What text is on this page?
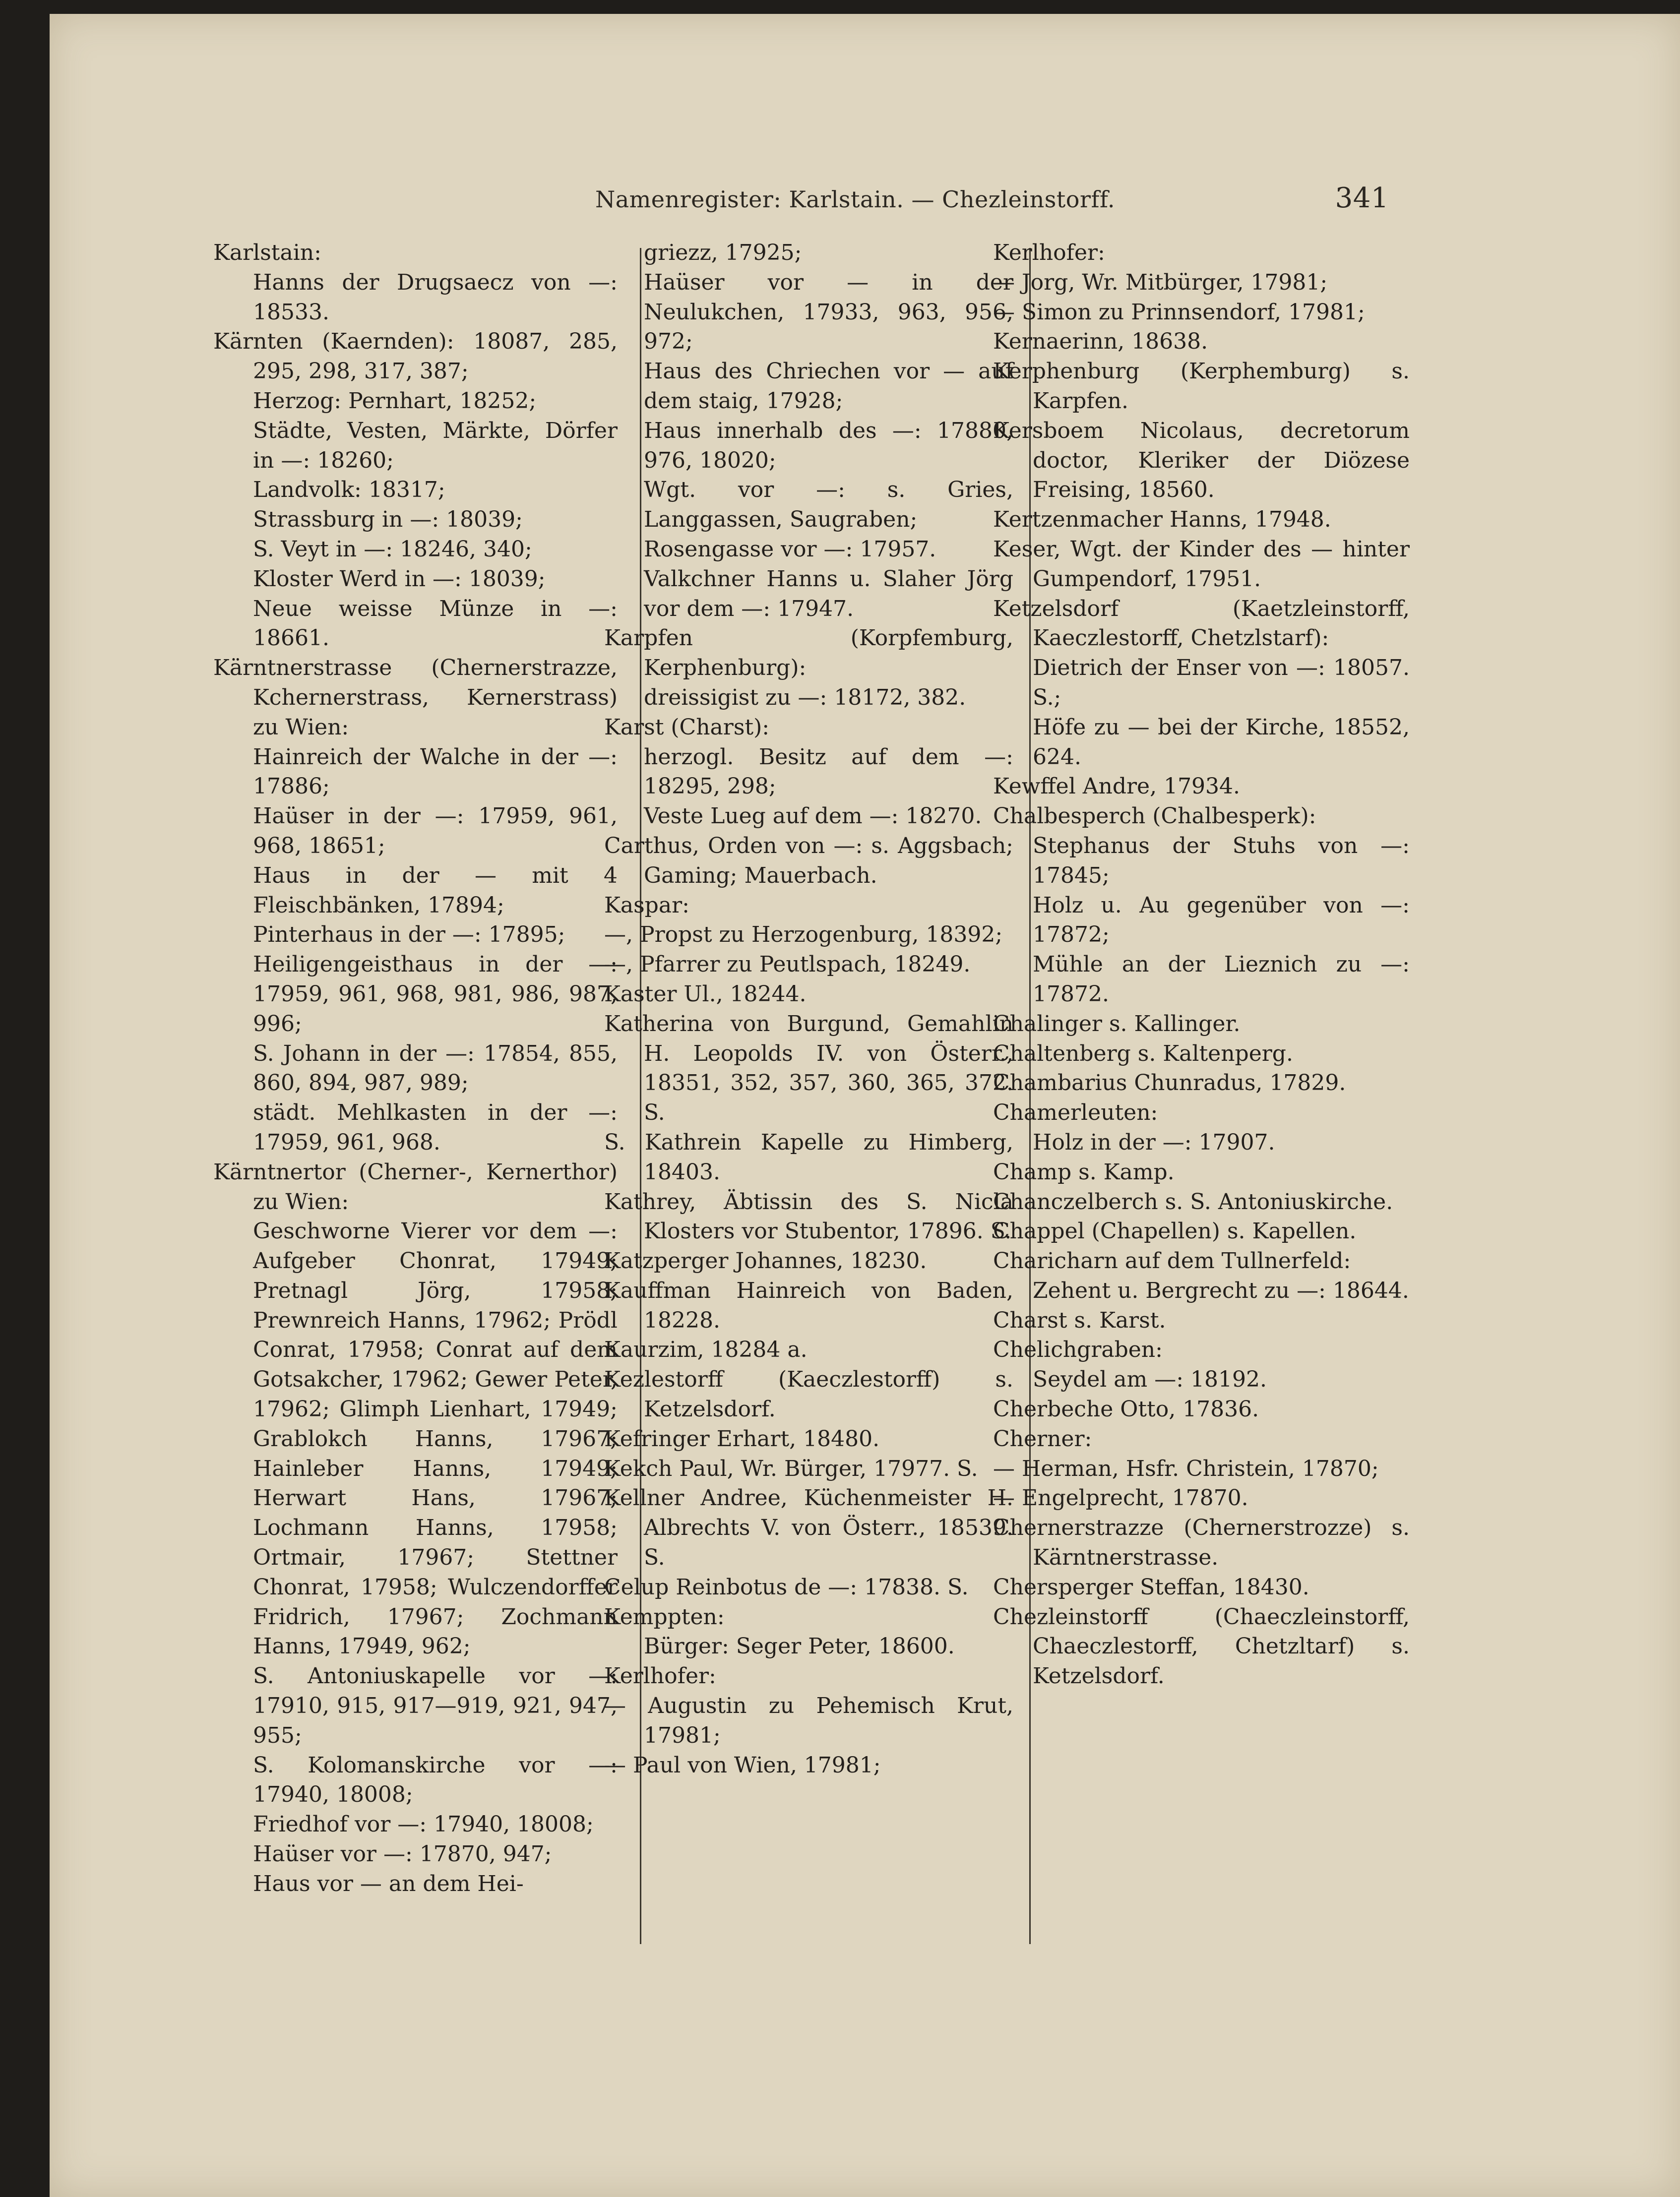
Namenregister: Karlstain. — Chezleinstorff.	341
Karlstain:
Hanns der Drugsaecz von —: 18533.
Kärnten (Kaernden): 18087, 285, 295, 298, 317, 387;
Herzog: Pernhart, 18252;
Städte, Vesten, Märkte, Dörfer in —: 18260;
Landvolk: 18317;
Strassburg in —: 18039;
S. Veyt in —: 18246, 340;
Kloster Werd in —: 18039;
Neue weisse Münze in —: 18661.
Kärntnerstrasse (Chernerstrazze, Kchernerstrass, Kernerstrass) zu Wien:
Hainreich der Walche in der —: 17886;
Haüser in der —: 17959, 961, 968, 18651;
Haus in der — mit 4 Fleischbänken, 17894;
Pinterhaus in der —: 17895;
Heiligengeisthaus in der —: 17959, 961, 968, 981, 986, 987, 996;
S. Johann in der —: 17854, 855, 860, 894, 987, 989;
städt. Mehlkasten in der —: 17959, 961, 968.
Kärntnertor (Cherner-, Kernerthor) zu Wien:
Geschworne Vierer vor dem —: Aufgeber Chonrat, 17949; Pretnagl Jörg, 17958; Prewnreich Hanns, 17962; Prödl Conrat, 17958; Conrat auf dem Gotsakcher, 17962; Gewer Peter, 17962; Glimph Lienhart, 17949; Grablokch Hanns, 17967; Hainleber Hanns, 17949; Herwart Hans, 17967; Lochmann Hanns, 17958; Ortmair, 17967; Stettner Chonrat, 17958; Wulczendorffer Fridrich, 17967; Zochmann Hanns, 17949, 962;
S. Antoniuskapelle vor —: 17910, 915, 917—919, 921, 947, 955;
S. Kolomanskirche vor —: 17940, 18008;
Friedhof vor —: 17940, 18008;
Haüser vor —: 17870, 947;
Haus vor — an dem Hei-
griezz, 17925;
Haüser vor — in der Neulukchen, 17933, 963, 956, 972;
Haus des Chriechen vor — auf dem staig, 17928;
Haus innerhalb des —: 17880, 976, 18020;
Wgt. vor —: s. Gries, Langgassen, Saugraben;
Rosengasse vor —: 17957.
Valkchner Hanns u. Slaher Jörg vor dem —: 17947.
Karpfen (Korpfemburg, Kerphenburg):
dreissigist zu —: 18172, 382.
Karst (Charst):
herzogl. Besitz auf dem —: 18295, 298;
Veste Lueg auf dem —: 18270.
Carthus, Orden von —: s. Aggsbach; Gaming; Mauerbach.
Kaspar:
—, Propst zu Herzogenburg, 18392;
—, Pfarrer zu Peutlspach, 18249.
Kaster Ul., 18244.
Katherina von Burgund, Gemahlin H. Leopolds IV. von Österr., 18351, 352, 357, 360, 365, 372. S.
S. Kathrein Kapelle zu Himberg, 18403.
Kathrey, Äbtissin des S. Nicla Klosters vor Stubentor, 17896. S.
Katzperger Johannes, 18230.
Kauffman Hainreich von Baden, 18228.
Kaurzim, 18284 a.
Kezlestorff (Kaeczlestorff) s. Ketzelsdorf.
Kefringer Erhart, 18480.
Kekch Paul, Wr. Bürger, 17977. S.
Kellner Andree, Küchenmeister H. Albrechts V. von Österr., 18539. S.
Celup Reinbotus de —: 17838. S.
Kemppten:
Bürger: Seger Peter, 18600.
Kerlhofer:
— Augustin zu Pehemisch Krut, 17981;
— Paul von Wien, 17981;
Kerlhofer:
— Jorg, Wr. Mitbürger, 17981;
— Simon zu Prinnsendorf, 17981;
Kernaerinn, 18638.
Kerphenburg (Kerphemburg) s. Karpfen.
Kersboem Nicolaus, decretorum doctor, Kleriker der Diözese Freising, 18560.
Kertzenmacher Hanns, 17948.
Keser, Wgt. der Kinder des — hinter Gumpendorf, 17951.
Ketzelsdorf (Kaetzleinstorff, Kaeczlestorff, Chetzlstarf):
Dietrich der Enser von —: 18057. S.;
Höfe zu — bei der Kirche, 18552, 624.
Kewffel Andre, 17934.
Chalbesperch (Chalbesperk):
Stephanus der Stuhs von —: 17845;
Holz u. Au gegenüber von —: 17872;
Mühle an der Lieznich zu —: 17872.
Chalinger s. Kallinger.
Chaltenberg s. Kaltenperg.
Chambarius Chunradus, 17829.
Chamerleuten:
Holz in der —: 17907.
Champ s. Kamp.
Chanczelberch s. S. Antoniuskirche.
Chappel (Chapellen) s. Kapellen.
Charicharn auf dem Tullnerfeld:
Zehent u. Bergrecht zu —: 18644.
Charst s. Karst.
Chelichgraben:
Seydel am —: 18192.
Cherbeche Otto, 17836.
Cherner:
— Herman, Hsfr. Christein, 17870;
— Engelprecht, 17870.
Chernerstrazze (Chernerstrozze) s. Kärntnerstrasse.
Chersperger Steffan, 18430.
Chezleinstorff (Chaeczleinstorff, Chaeczlestorff, Chetzltarf) s. Ketzelsdorf.
